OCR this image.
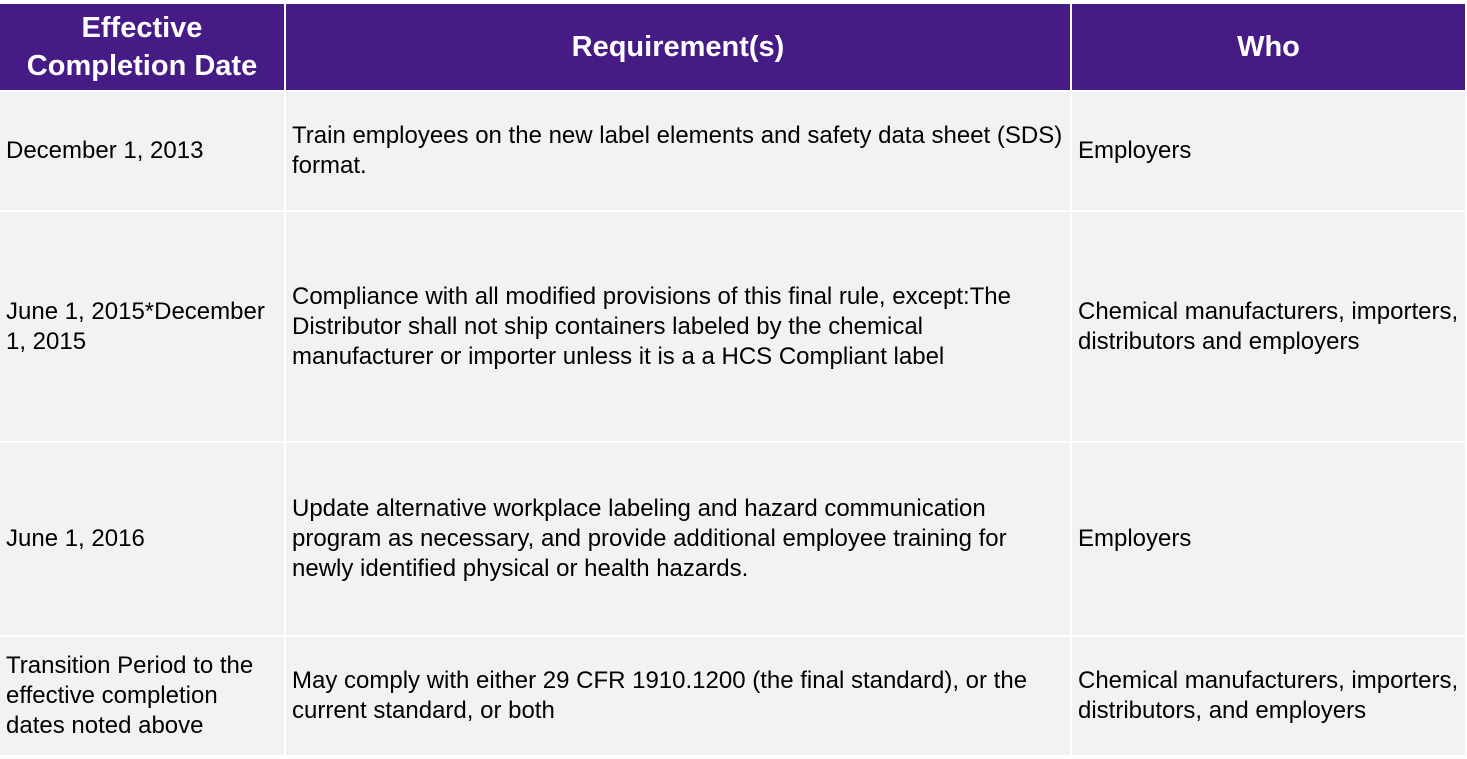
Effective Completion Date	Requirement(s)	Who
December 1, 2013	Train employees on the new label elements and safety data sheet (SDS) format.	Employers
June 1, 2015*December 1, 2015	Compliance with all modified provisions of this final rule, except:The Distributor shall not ship containers labeled by the chemical manufacturer or importer unless it is a a HCS Compliant label	Chemical manufacturers, importers, distributors and employers
June 1, 2016	Update alternative workplace labeling and hazard communication program as necessary, and provide additional employee training for newly identified physical or health hazards.	Employers
Transition Period to the effective completion dates noted above	May comply with either 29 CFR 1910.1200 (the final standard), or the current standard, or both	Chemical manufacturers, importers, distributors, and employers
